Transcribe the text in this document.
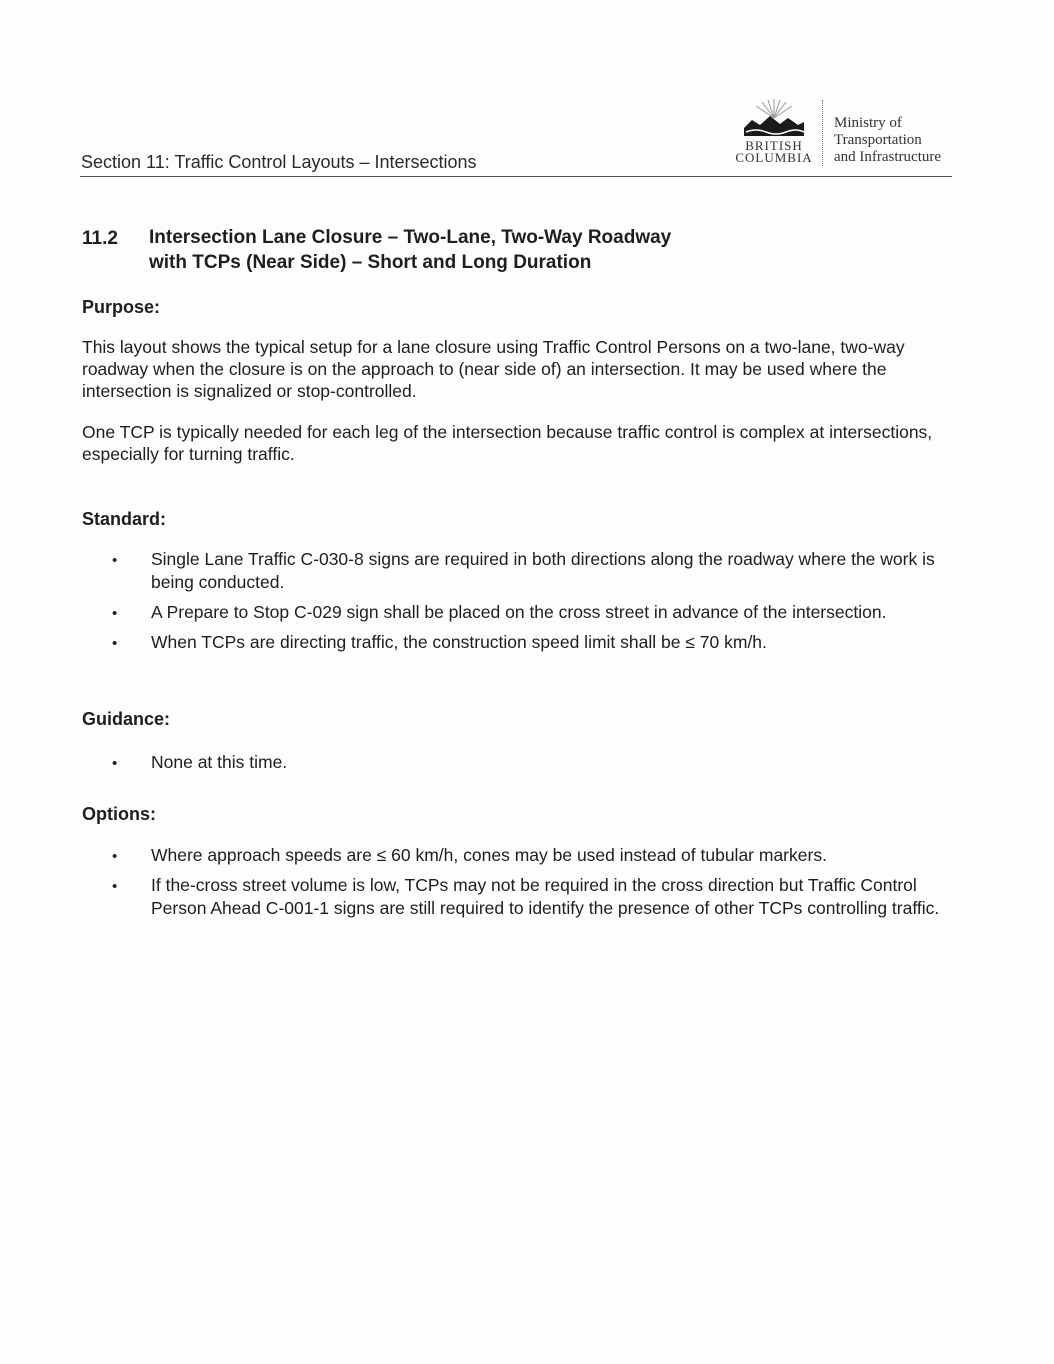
Section 11: Traffic Control Layouts – Intersections
BRITISH
COLUMBIA
Ministry of
Transportation
and Infrastructure
11.2 Intersection Lane Closure – Two-Lane, Two-Way Roadway
with TCPs (Near Side) – Short and Long Duration
Purpose:
This layout shows the typical setup for a lane closure using Traffic Control Persons on a two-lane, two-way roadway when the closure is on the approach to (near side of) an intersection. It may be used where the intersection is signalized or stop-controlled.
One TCP is typically needed for each leg of the intersection because traffic control is complex at intersections, especially for turning traffic.
Standard:
• Single Lane Traffic C-030-8 signs are required in both directions along the roadway where the work is being conducted.
• A Prepare to Stop C-029 sign shall be placed on the cross street in advance of the intersection.
• When TCPs are directing traffic, the construction speed limit shall be ≤ 70 km/h.
Guidance:
• None at this time.
Options:
• Where approach speeds are ≤ 60 km/h, cones may be used instead of tubular markers.
• If the-cross street volume is low, TCPs may not be required in the cross direction but Traffic Control Person Ahead C-001-1 signs are still required to identify the presence of other TCPs controlling traffic.
